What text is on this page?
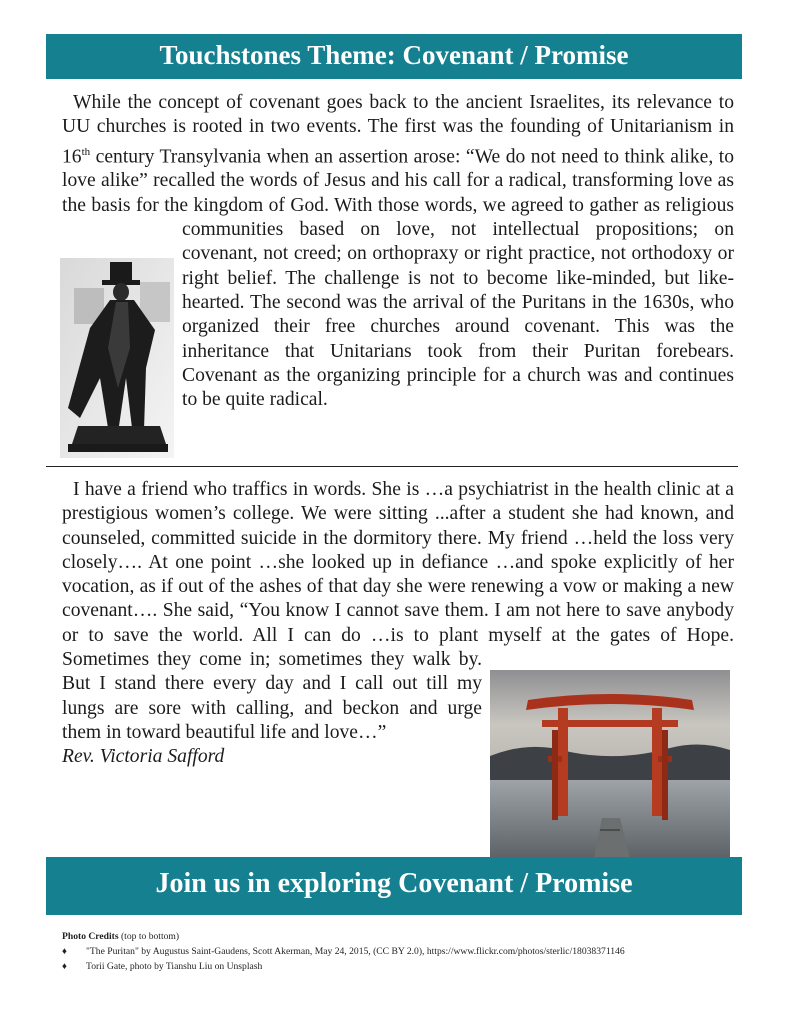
Touchstones Theme: Covenant / Promise

While the concept of covenant goes back to the ancient Israelites, its relevance to UU churches is rooted in two events. The first was the founding of Unitarianism in 16th century Transylvania when an assertion arose: “We do not need to think alike, to love alike” recalled the words of Jesus and his call for a radical, transforming love as the basis for the kingdom of God. With those words, we agreed to gather as religious communities based on love, not intellectual propositions; on covenant, not creed; on orthopraxy or right practice, not orthodoxy or right belief. The challenge is not to become like-minded, but like-hearted. The second was the arrival of the Puritans in the 1630s, who organized their free churches around covenant. This was the inheritance that Unitarians took from their Puritan forebears. Covenant as the organizing principle for a church was and continues to be quite radical.

I have a friend who traffics in words. She is …a psychiatrist in the health clinic at a prestigious women’s college. We were sitting ...after a student she had known, and counseled, committed suicide in the dormitory there. My friend …held the loss very closely…. At one point …she looked up in defiance …and spoke explicitly of her vocation, as if out of the ashes of that day she were renewing a vow or making a new covenant…. She said, “You know I cannot save them. I am not here to save anybody or to save the world. All I can do …is to plant myself at the gates of Hope. Sometimes they come in; sometimes they walk by. But I stand there every day and I call out till my lungs are sore with calling, and beckon and urge them in toward beautiful life and love…”

Rev. Victoria Safford

Join us in exploring Covenant / Promise
Photo Credits (top to bottom)
♦	"The Puritan" by Augustus Saint-Gaudens, Scott Akerman, May 24, 2015, (CC BY 2.0), https://www.flickr.com/photos/sterlic/18038371146
♦	Torii Gate, photo by Tianshu Liu on Unsplash
